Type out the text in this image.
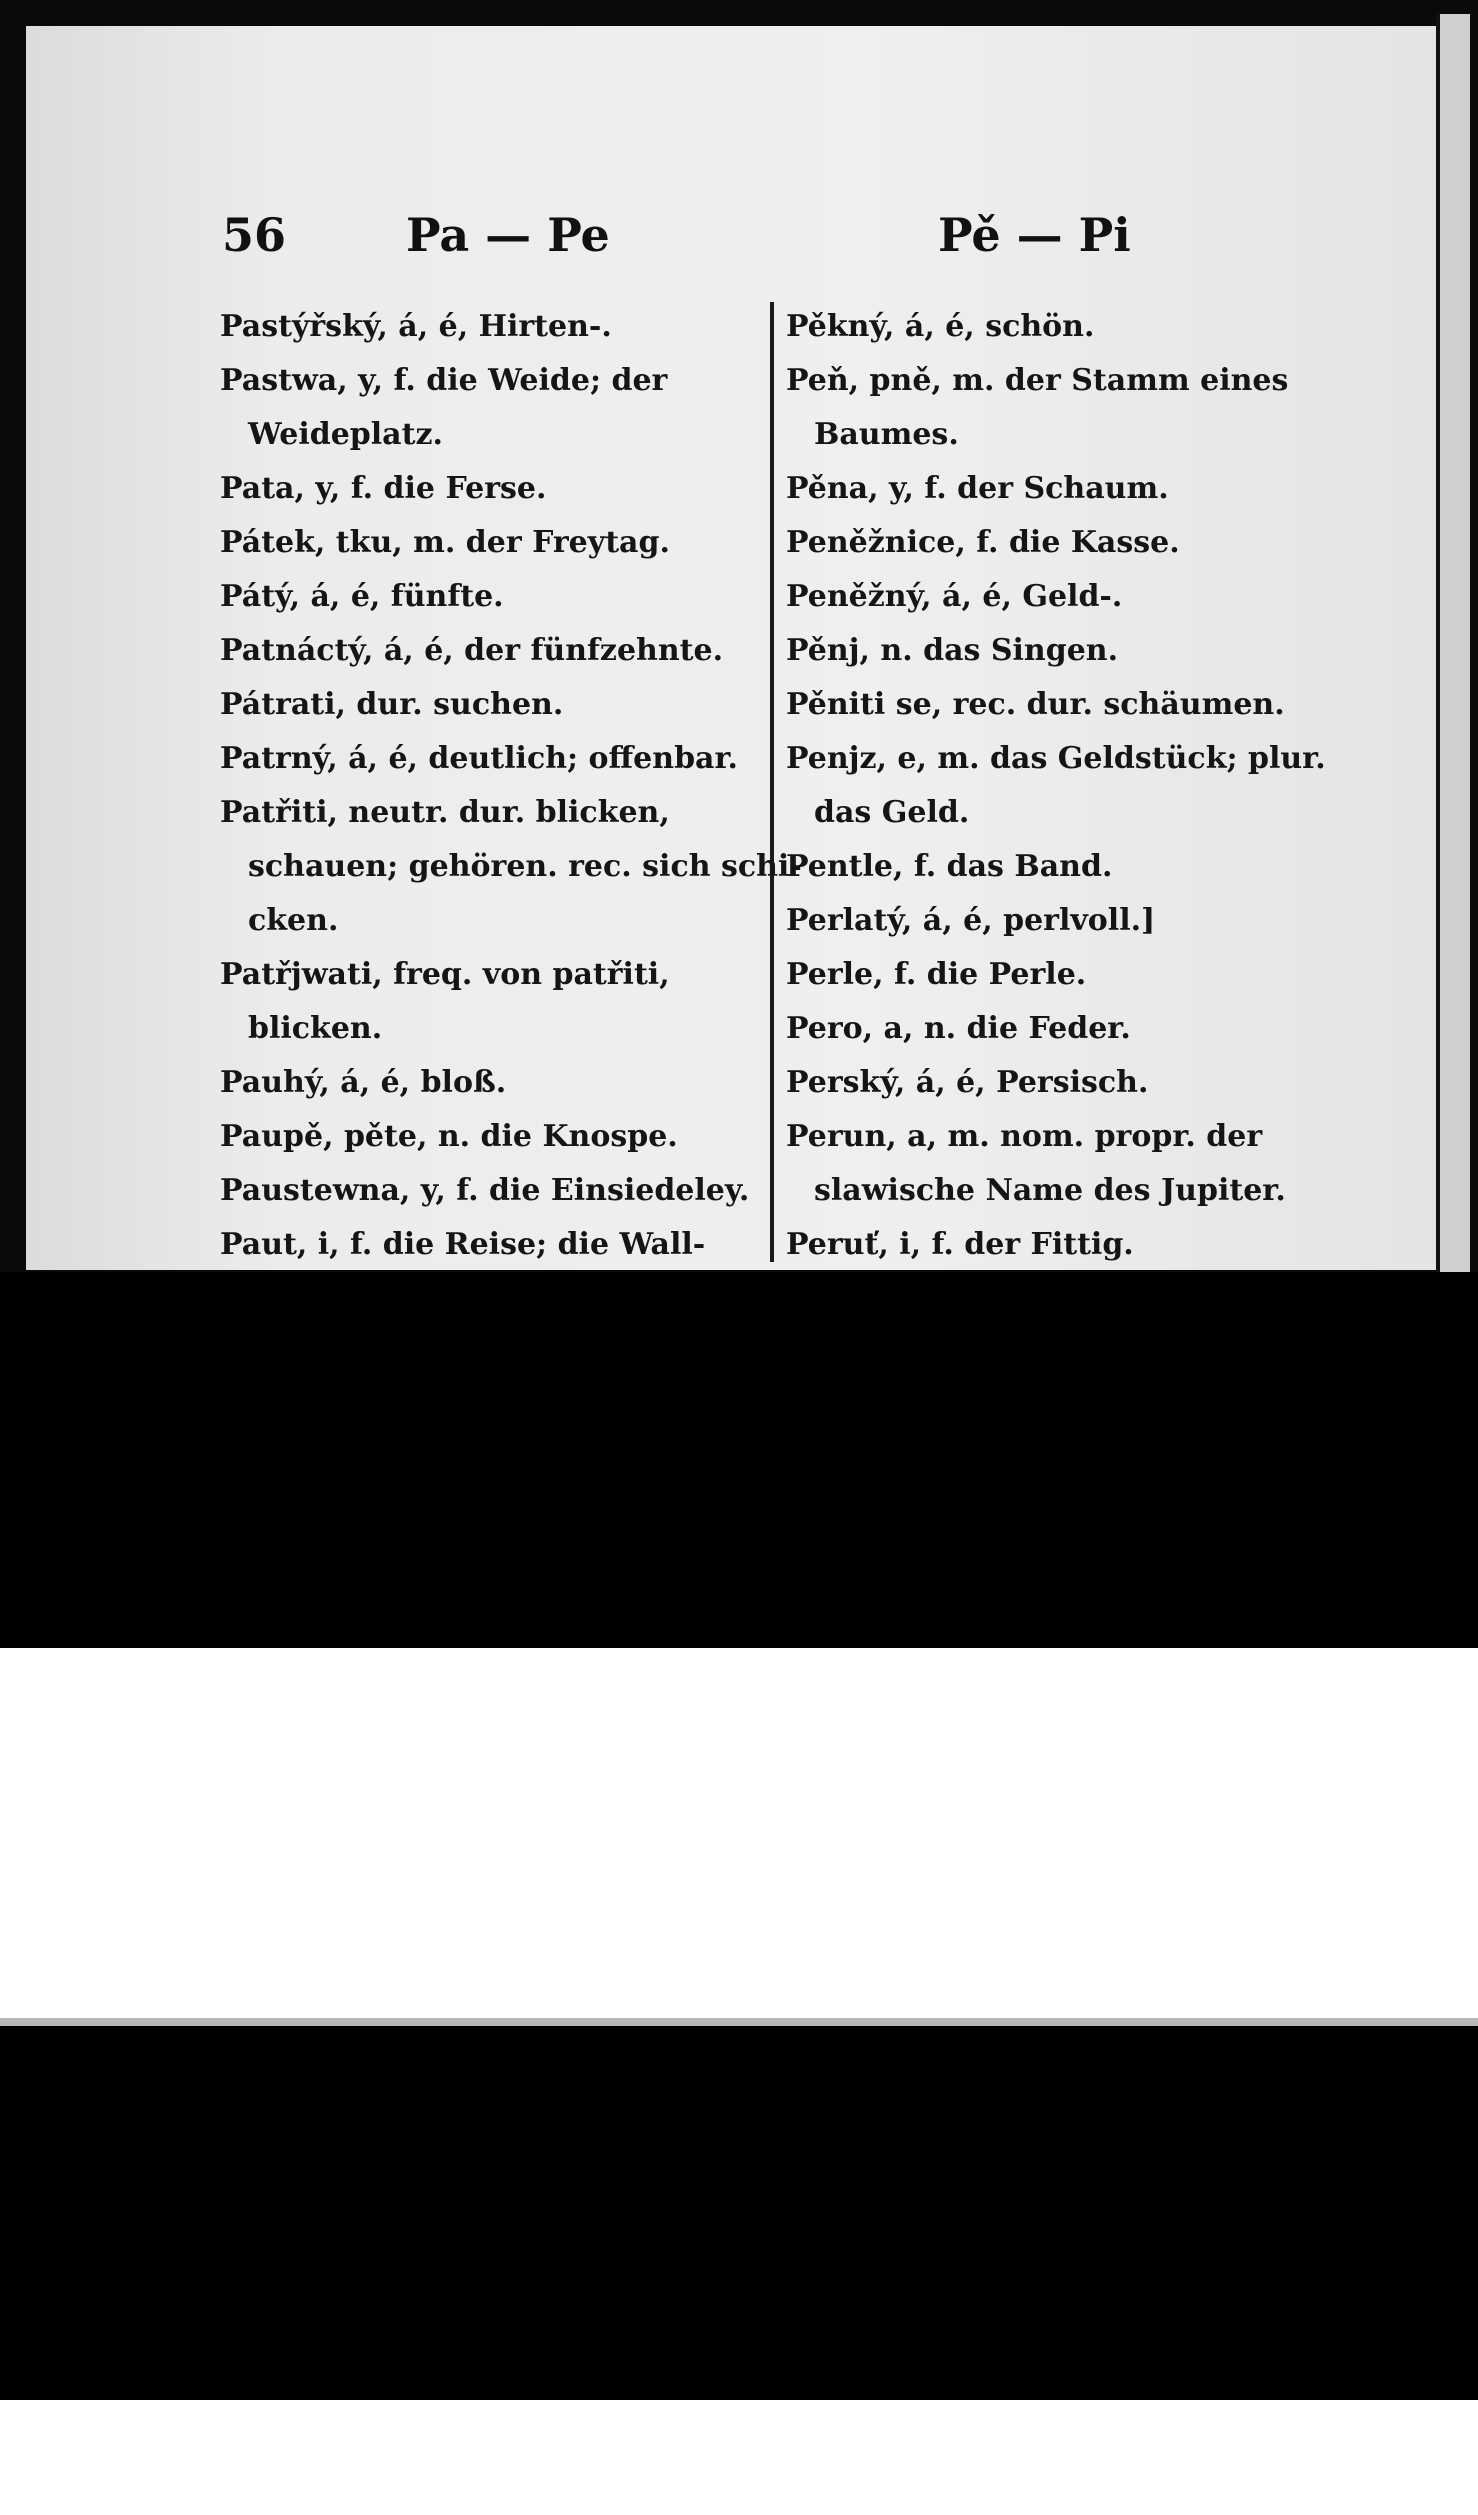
56	Pa — Pe	Pě — Pi
Pastýřský, á, é, Hirten-.
Pastwa, y, f. die Weide; der
Weideplatz.
Pata, y, f. die Ferse.
Pátek, tku, m. der Freytag.
Pátý, á, é, fünfte.
Patnáctý, á, é, der fünfzehnte.
Pátrati, dur. suchen.
Patrný, á, é, deutlich; offenbar.
Patřiti, neutr. dur. blicken,
schauen; gehören. rec. sich schi-
cken.
Patřjwati, freq. von patřiti,
blicken.
Pauhý, á, é, bloß.
Paupě, pěte, n. die Knospe.
Paustewna, y, f. die Einsiedeley.
Paut, i, f. die Reise; die Wall-
Pěkný, á, é, schön.
Peň, pně, m. der Stamm eines
Baumes.
Pěna, y, f. der Schaum.
Peněžnice, f. die Kasse.
Peněžný, á, é, Geld-.
Pěnj, n. das Singen.
Pěniti se, rec. dur. schäumen.
Penjz, e, m. das Geldstück; plur.
das Geld.
Pentle, f. das Band.
Perlatý, á, é, perlvoll.]
Perle, f. die Perle.
Pero, a, n. die Feder.
Perský, á, é, Persisch.
Perun, a, m. nom. propr. der
slawische Name des Jupiter.
Peruť, i, f. der Fittig.
